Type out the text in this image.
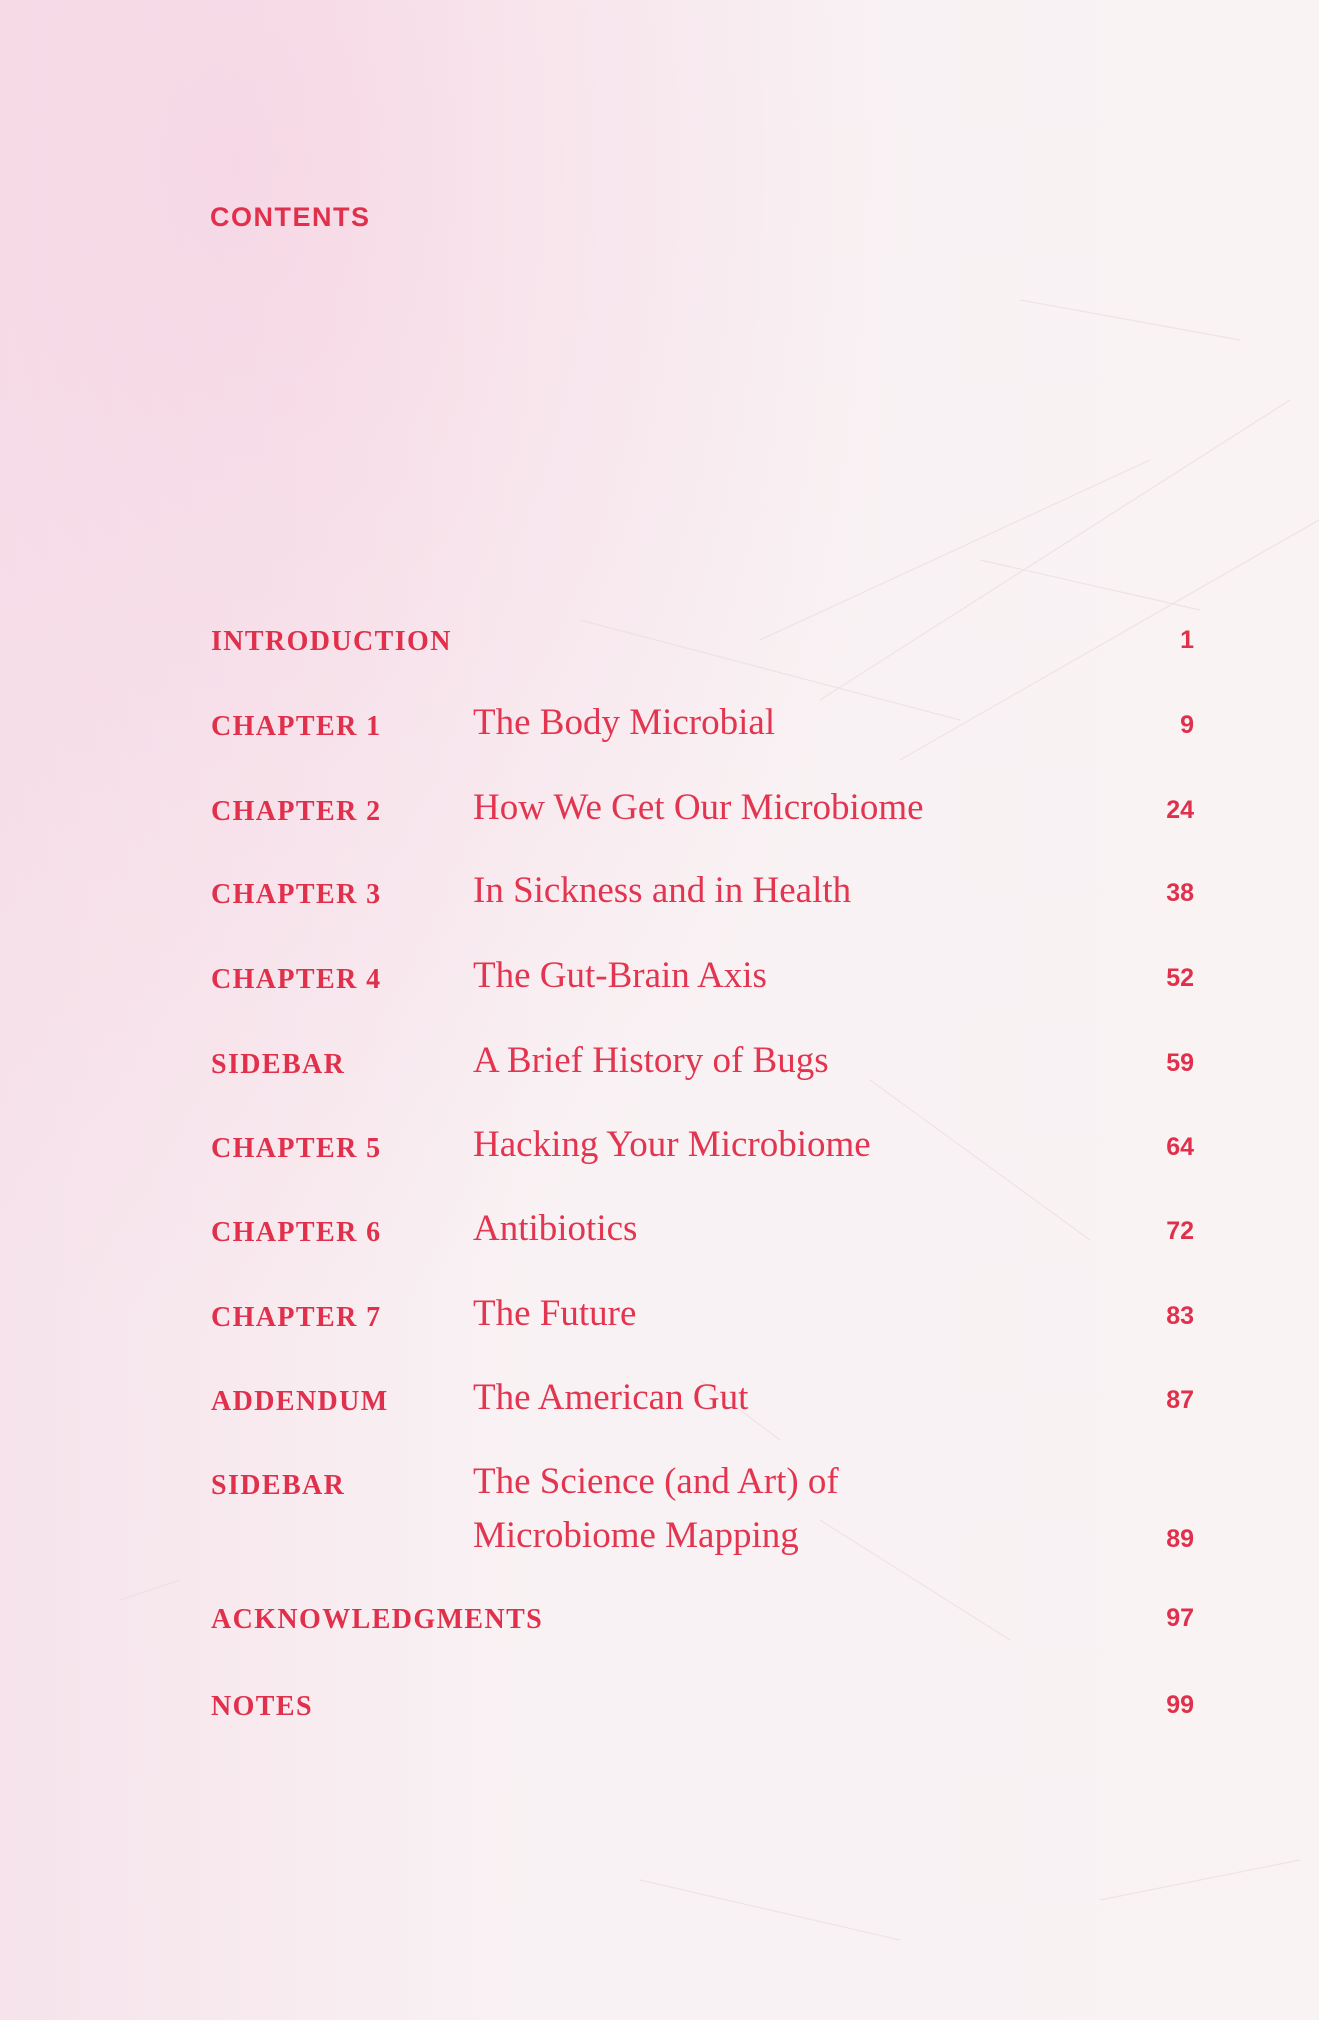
CONTENTS
INTRODUCTION	1
CHAPTER 1 The Body Microbial	9
CHAPTER 2 How We Get Our Microbiome	24
CHAPTER 3 In Sickness and in Health	38
CHAPTER 4 The Gut-Brain Axis	52
SIDEBAR	A Brief History of Bugs	59
CHAPTER 5 Hacking Your Microbiome	64
CHAPTER 6 Antibiotics	72
CHAPTER 7 The Future	83
ADDENDUM The American Gut	87
SIDEBAR	The Science (and Art) of
Microbiome Mapping	89
ACKNOWLEDGMENTS	97
NOTES	99
